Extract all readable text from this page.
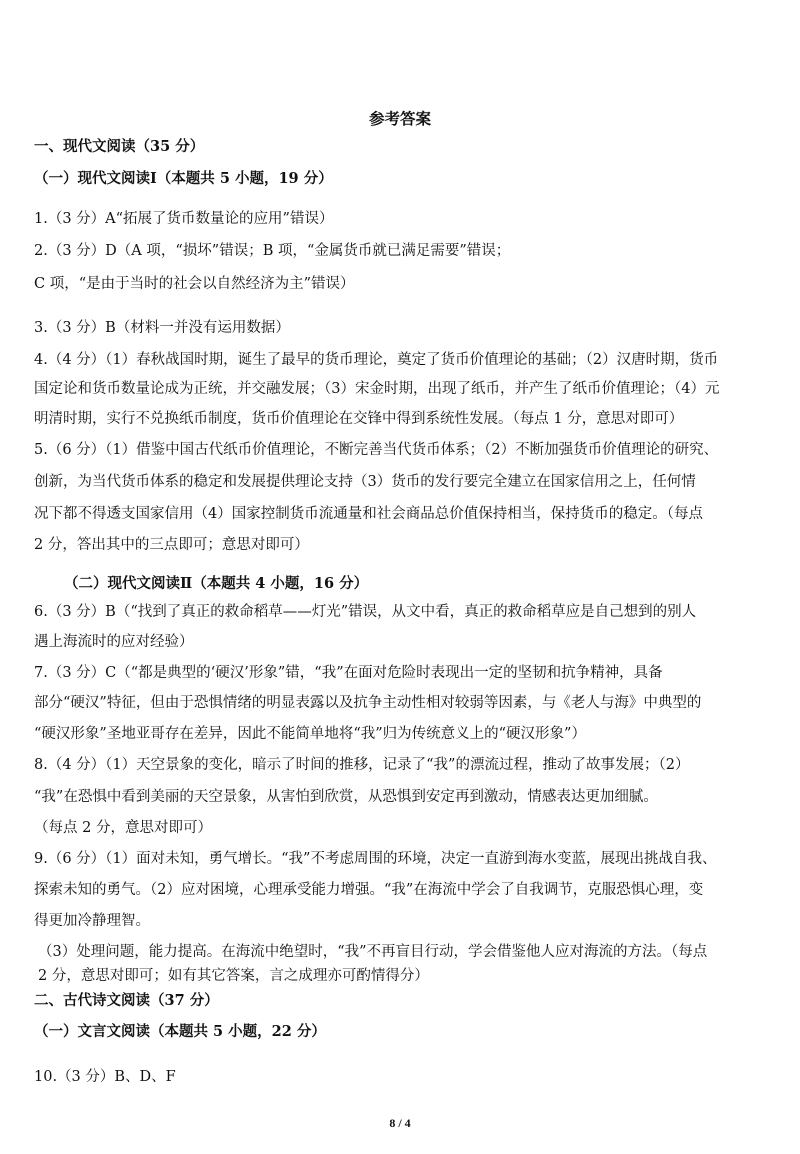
参考答案
一、现代文阅读（35 分）
（一）现代文阅读Ⅰ（本题共 5 小题，19 分）
1.（3 分）A“拓展了货币数量论的应用”错误）
2.（3 分）D（A 项，“损坏”错误；B 项，“金属货币就已满足需要”错误；
C 项，“是由于当时的社会以自然经济为主”错误）
3.（3 分）B（材料一并没有运用数据）
4.（4 分）（1）春秋战国时期，诞生了最早的货币理论，奠定了货币价值理论的基础；（2）汉唐时期，货币
国定论和货币数量论成为正统，并交融发展；（3）宋金时期，出现了纸币，并产生了纸币价值理论；（4）元
明清时期，实行不兑换纸币制度，货币价值理论在交锋中得到系统性发展。（每点 1 分，意思对即可）
5.（6 分）（1）借鉴中国古代纸币价值理论，不断完善当代货币体系；（2）不断加强货币价值理论的研究、
创新，为当代货币体系的稳定和发展提供理论支持（3）货币的发行要完全建立在国家信用之上，任何情
况下都不得透支国家信用（4）国家控制货币流通量和社会商品总价值保持相当，保持货币的稳定。（每点
2 分，答出其中的三点即可；意思对即可）
（二）现代文阅读Ⅱ（本题共 4 小题，16 分）
6.（3 分）B（“找到了真正的救命稻草——灯光”错误，从文中看，真正的救命稻草应是自己想到的别人
遇上海流时的应对经验）
7.（3 分）C（“都是典型的‘硬汉’形象”错，“我”在面对危险时表现出一定的坚韧和抗争精神，具备
部分“硬汉”特征，但由于恐惧情绪的明显表露以及抗争主动性相对较弱等因素，与《老人与海》中典型的
“硬汉形象”圣地亚哥存在差异，因此不能简单地将“我”归为传统意义上的“硬汉形象”）
8.（4 分）（1）天空景象的变化，暗示了时间的推移，记录了“我”的漂流过程，推动了故事发展；（2）
“我”在恐惧中看到美丽的天空景象，从害怕到欣赏，从恐惧到安定再到激动，情感表达更加细腻。
（每点 2 分，意思对即可）
9.（6 分）（1）面对未知，勇气增长。“我”不考虑周围的环境，决定一直游到海水变蓝，展现出挑战自我、
探索未知的勇气。（2）应对困境，心理承受能力增强。“我”在海流中学会了自我调节，克服恐惧心理，变
得更加冷静理智。
（3）处理问题，能力提高。在海流中绝望时，“我”不再盲目行动，学会借鉴他人应对海流的方法。（每点
2 分，意思对即可；如有其它答案，言之成理亦可酌情得分）
二、古代诗文阅读（37 分）
（一）文言文阅读（本题共 5 小题，22 分）
10.（3 分）B、D、F
8 / 4
